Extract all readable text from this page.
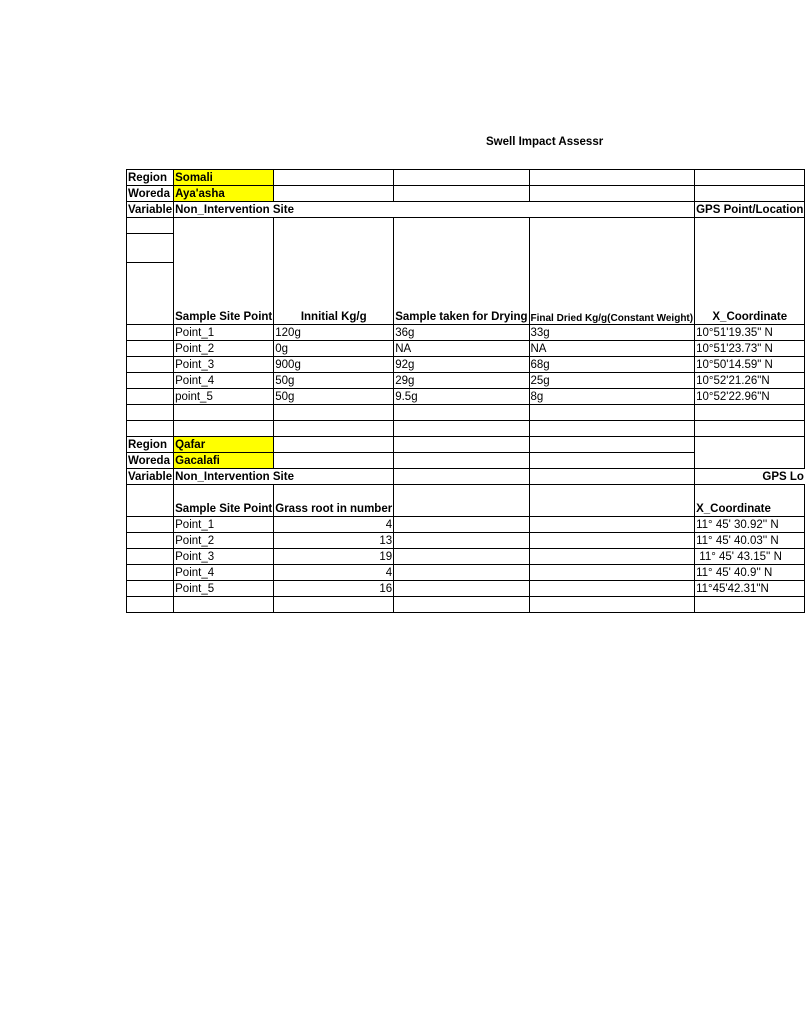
Swell Impact Assessr
Region	Somali				
Woreda	Aya'asha				
Variable	Non_Intervention Site				GPS Point/Location
	Sample Site Point	Innitial Kg/g	Sample taken for Drying	Final Dried Kg/g(Constant Weight)	X_Coordinate

	Point_1	120g	36g	33g	10°51'19.35" N
	Point_2	0g	NA	NA	10°51'23.73" N
	Point_3	900g	92g	68g	10°50'14.59" N
	Point_4	50g	29g	25g	10°52'21.26"N
	point_5	50g	9.5g	8g	10°52'22.96"N

Region	Qafar				
Woreda	Gacalafi				
Variable	Non_Intervention Site				GPS Lo
	Sample Site Point	Grass root in number			X_Coordinate
	Point_1	4			11° 45' 30.92'' N
	Point_2	13			11° 45' 40.03'' N
	Point_3	19			11° 45' 43.15'' N
	Point_4	4			11° 45' 40.9'' N
	Point_5	16			11°45'42.31"N
